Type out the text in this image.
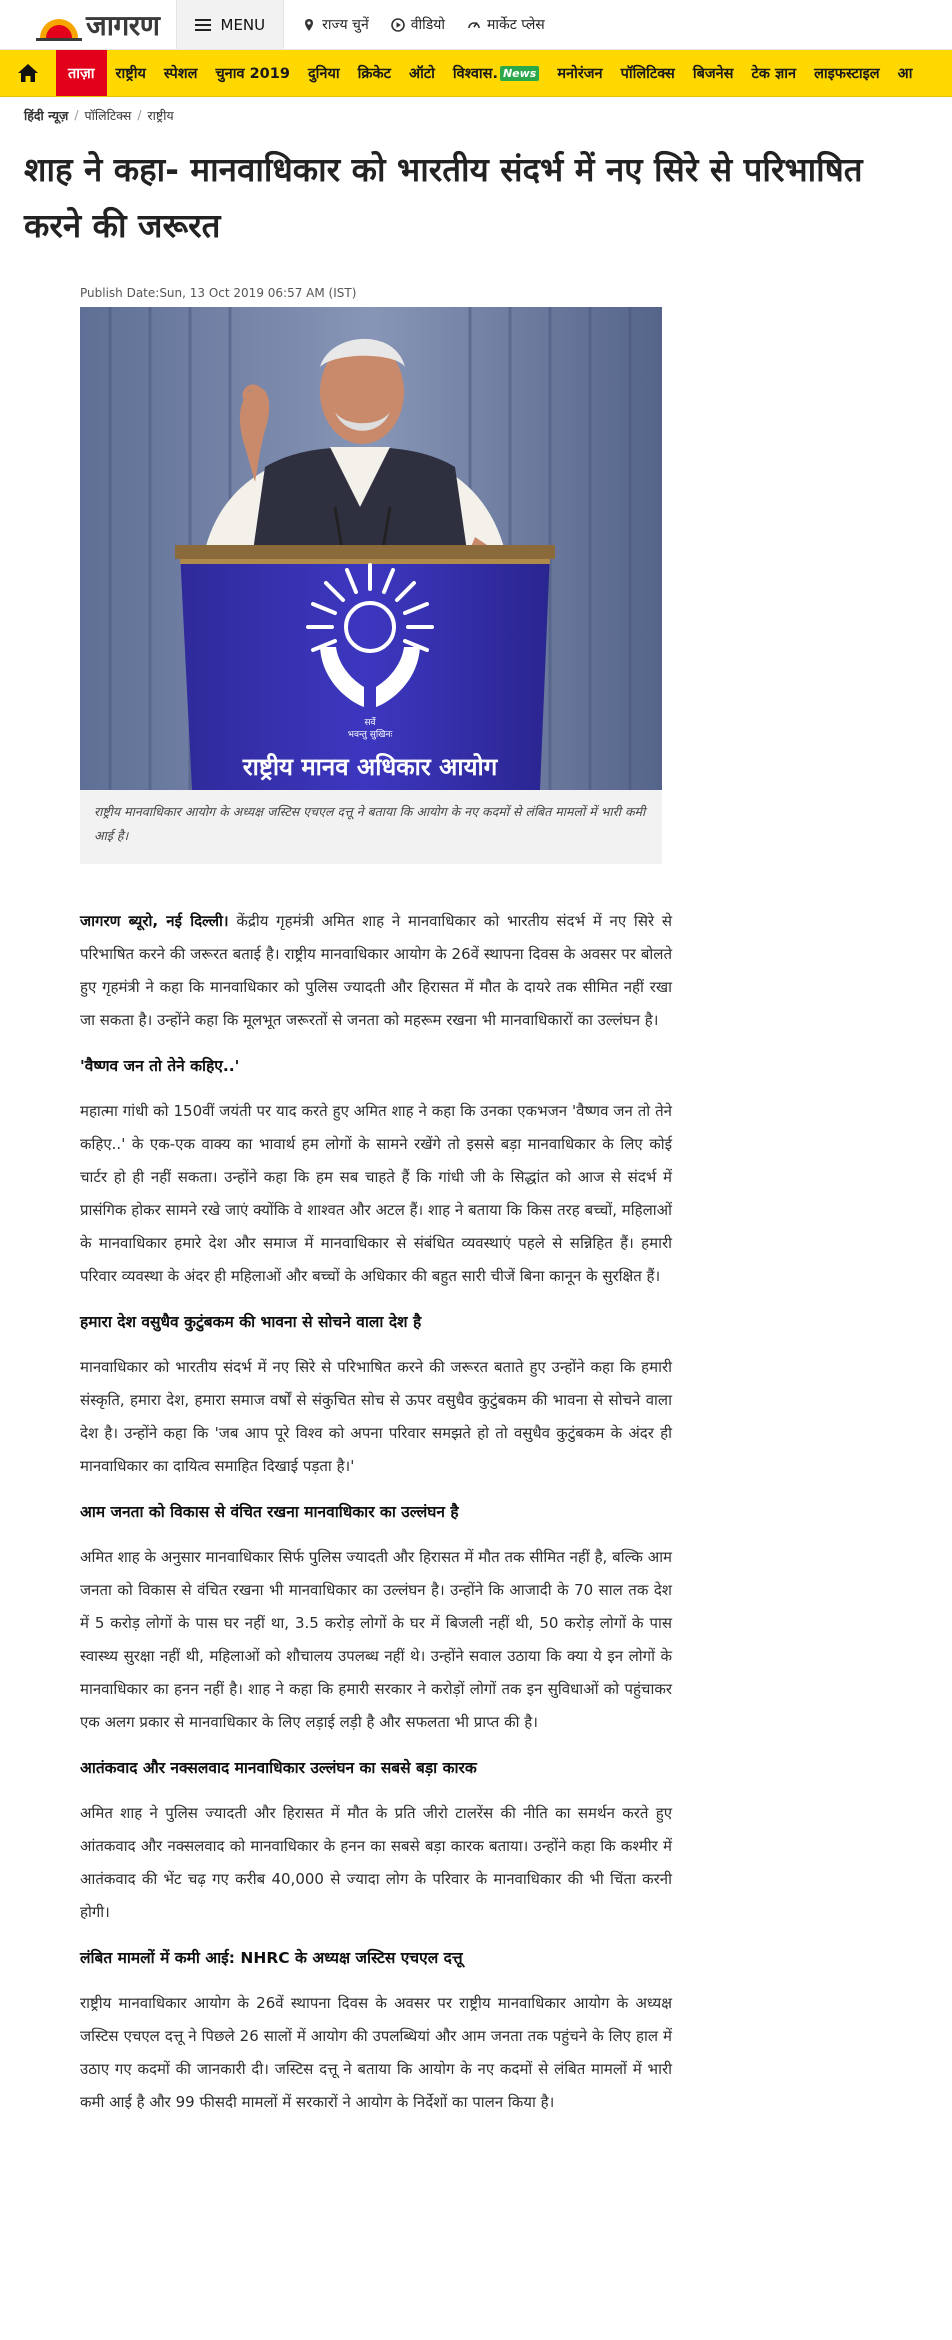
जागरण	MENU	राज्य चुनें	वीडियो	मार्केट प्लेस
ताज़ा	राष्ट्रीय	स्पेशल	चुनाव 2019	दुनिया	क्रिकेट	ऑटो	विश्वास. News	मनोरंजन	पॉलिटिक्स	बिजनेस	टेक ज्ञान	लाइफस्टाइल	आ
हिंदी न्यूज़ / पॉलिटिक्स / राष्ट्रीय
शाह ने कहा- मानवाधिकार को भारतीय संदर्भ में नए सिरे से परिभाषित करने की जरूरत
Publish Date:Sun, 13 Oct 2019 06:57 AM (IST)
सर्वे
भवन्तु सुखिनः
राष्ट्रीय मानव अधिकार आयोग
राष्ट्रीय मानवाधिकार आयोग के अध्यक्ष जस्टिस एचएल दत्तू ने बताया कि आयोग के नए कदमों से लंबित मामलों में भारी कमी आई है।

जागरण ब्यूरो, नई दिल्ली। केंद्रीय गृहमंत्री अमित शाह ने मानवाधिकार को भारतीय संदर्भ में नए सिरे से परिभाषित करने की जरूरत बताई है। राष्ट्रीय मानवाधिकार आयोग के 26वें स्थापना दिवस के अवसर पर बोलते हुए गृहमंत्री ने कहा कि मानवाधिकार को पुलिस ज्यादती और हिरासत में मौत के दायरे तक सीमित नहीं रखा जा सकता है। उन्होंने कहा कि मूलभूत जरूरतों से जनता को महरूम रखना भी मानवाधिकारों का उल्लंघन है।

'वैष्णव जन तो तेने कहिए..'

महात्मा गांधी को 150वीं जयंती पर याद करते हुए अमित शाह ने कहा कि उनका एकभजन 'वैष्णव जन तो तेने कहिए..' के एक-एक वाक्य का भावार्थ हम लोगों के सामने रखेंगे तो इससे बड़ा मानवाधिकार के लिए कोई चार्टर हो ही नहीं सकता। उन्होंने कहा कि हम सब चाहते हैं कि गांधी जी के सिद्धांत को आज से संदर्भ में प्रासंगिक होकर सामने रखे जाएं क्योंकि वे शाश्वत और अटल हैं। शाह ने बताया कि किस तरह बच्चों, महिलाओं के मानवाधिकार हमारे देश और समाज में मानवाधिकार से संबंधित व्यवस्थाएं पहले से सन्निहित हैं। हमारी परिवार व्यवस्था के अंदर ही महिलाओं और बच्चों के अधिकार की बहुत सारी चीजें बिना कानून के सुरक्षित हैं।

हमारा देश वसुधैव कुटुंबकम की भावना से सोचने वाला देश है

मानवाधिकार को भारतीय संदर्भ में नए सिरे से परिभाषित करने की जरूरत बताते हुए उन्होंने कहा कि हमारी संस्कृति, हमारा देश, हमारा समाज वर्षों से संकुचित सोच से ऊपर वसुधैव कुटुंबकम की भावना से सोचने वाला देश है। उन्होंने कहा कि 'जब आप पूरे विश्व को अपना परिवार समझते हो तो वसुधैव कुटुंबकम के अंदर ही मानवाधिकार का दायित्व समाहित दिखाई पड़ता है।'

आम जनता को विकास से वंचित रखना मानवाधिकार का उल्लंघन है

अमित शाह के अनुसार मानवाधिकार सिर्फ पुलिस ज्यादती और हिरासत में मौत तक सीमित नहीं है, बल्कि आम जनता को विकास से वंचित रखना भी मानवाधिकार का उल्लंघन है। उन्होंने कि आजादी के 70 साल तक देश में 5 करोड़ लोगों के पास घर नहीं था, 3.5 करोड़ लोगों के घर में बिजली नहीं थी, 50 करोड़ लोगों के पास स्वास्थ्य सुरक्षा नहीं थी, महिलाओं को शौचालय उपलब्ध नहीं थे। उन्होंने सवाल उठाया कि क्या ये इन लोगों के मानवाधिकार का हनन नहीं है। शाह ने कहा कि हमारी सरकार ने करोड़ों लोगों तक इन सुविधाओं को पहुंचाकर एक अलग प्रकार से मानवाधिकार के लिए लड़ाई लड़ी है और सफलता भी प्राप्त की है।

आतंकवाद और नक्सलवाद मानवाधिकार उल्लंघन का सबसे बड़ा कारक

अमित शाह ने पुलिस ज्यादती और हिरासत में मौत के प्रति जीरो टालरेंस की नीति का समर्थन करते हुए आंतकवाद और नक्सलवाद को मानवाधिकार के हनन का सबसे बड़ा कारक बताया। उन्होंने कहा कि कश्मीर में आतंकवाद की भेंट चढ़ गए करीब 40,000 से ज्यादा लोग के परिवार के मानवाधिकार की भी चिंता करनी होगी।

लंबित मामलों में कमी आई: NHRC के अध्यक्ष जस्टिस एचएल दत्तू

राष्ट्रीय मानवाधिकार आयोग के 26वें स्थापना दिवस के अवसर पर राष्ट्रीय मानवाधिकार आयोग के अध्यक्ष जस्टिस एचएल दत्तू ने पिछले 26 सालों में आयोग की उपलब्धियां और आम जनता तक पहुंचने के लिए हाल में उठाए गए कदमों की जानकारी दी। जस्टिस दत्तू ने बताया कि आयोग के नए कदमों से लंबित मामलों में भारी कमी आई है और 99 फीसदी मामलों में सरकारों ने आयोग के निर्देशों का पालन किया है।
